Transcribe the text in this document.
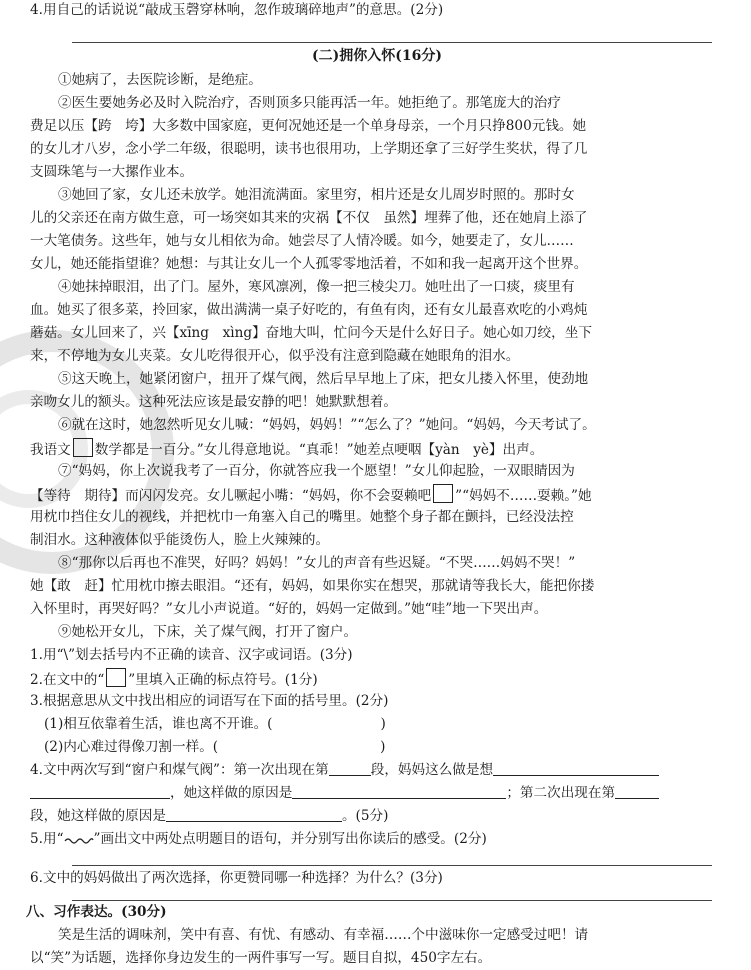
4.用自己的话说说“敲成玉磬穿林响，忽作玻璃碎地声”的意思。(2分)
(二)拥你入怀(16分)
①她病了，去医院诊断，是绝症。
②医生要她务必及时入院治疗，否则顶多只能再活一年。她拒绝了。那笔庞大的治疗
费足以压【跨　垮】大多数中国家庭，更何况她还是一个单身母亲，一个月只挣800元钱。她
的女儿才八岁，念小学二年级，很聪明，读书也很用功，上学期还拿了三好学生奖状，得了几
支圆珠笔与一大摞作业本。
③她回了家，女儿还未放学。她泪流满面。家里穷，相片还是女儿周岁时照的。那时女
儿的父亲还在南方做生意，可一场突如其来的灾祸【不仅　虽然】埋葬了他，还在她肩上添了
一大笔债务。这些年，她与女儿相依为命。她尝尽了人情冷暖。如今，她要走了，女儿……
女儿，她还能指望谁？她想：与其让女儿一个人孤零零地活着，不如和我一起离开这个世界。
④她抹掉眼泪，出了门。屋外，寒风凛冽，像一把三棱尖刀。她吐出了一口痰，痰里有
血。她买了很多菜，拎回家，做出满满一桌子好吃的，有鱼有肉，还有女儿最喜欢吃的小鸡炖
蘑菇。女儿回来了，兴【xīng　xìng】奋地大叫，忙问今天是什么好日子。她心如刀绞，坐下
来，不停地为女儿夹菜。女儿吃得很开心，似乎没有注意到隐藏在她眼角的泪水。
⑤这天晚上，她紧闭窗户，扭开了煤气阀，然后早早地上了床，把女儿搂入怀里，使劲地
亲吻女儿的额头。这种死法应该是最安静的吧！她默默想着。
⑥就在这时，她忽然听见女儿喊：“妈妈，妈妈！”“怎么了？”她问。“妈妈，今天考试了。
我语文 数学都是一百分。”女儿得意地说。“真乖！”她差点哽咽【yàn　yè】出声。
⑦“妈妈，你上次说我考了一百分，你就答应我一个愿望！”女儿仰起脸，一双眼睛因为
【等待　期待】而闪闪发亮。女儿噘起小嘴：“妈妈，你不会耍赖吧 ”“妈妈不……耍赖。”她
用枕巾挡住女儿的视线，并把枕巾一角塞入自己的嘴里。她整个身子都在颤抖，已经没法控
制泪水。这种液体似乎能烫伤人，脸上火辣辣的。
⑧“那你以后再也不准哭，好吗？妈妈！”女儿的声音有些迟疑。“不哭……妈妈不哭！”
她【敢　赶】忙用枕巾擦去眼泪。“还有，妈妈，如果你实在想哭，那就请等我长大，能把你搂
入怀里时，再哭好吗？”女儿小声说道。“好的，妈妈一定做到。”她“哇”地一下哭出声。
⑨她松开女儿，下床，关了煤气阀，打开了窗户。
1.用“\”划去括号内不正确的读音、汉字或词语。(3分)
2.在文中的“ ”里填入正确的标点符号。(1分)
3.根据意思从文中找出相应的词语写在下面的括号里。(2分)
(1)相互依靠着生活，谁也离不开谁。(	)
(2)内心难过得像刀割一样。(	)
4.文中两次写到“窗户和煤气阀”：第一次出现在第	段，妈妈这么做是想
，她这样做的原因是	；第二次出现在第
段，她这样做的原因是	。(5分)
5.用“ ”画出文中两处点明题目的语句，并分别写出你读后的感受。(2分)
6.文中的妈妈做出了两次选择，你更赞同哪一种选择？为什么？(3分)
八、习作表达。(30分)
笑是生活的调味剂，笑中有喜、有忧、有感动、有幸福……个中滋味你一定感受过吧！请
以“笑”为话题，选择你身边发生的一两件事写一写。题目自拟，450字左右。
